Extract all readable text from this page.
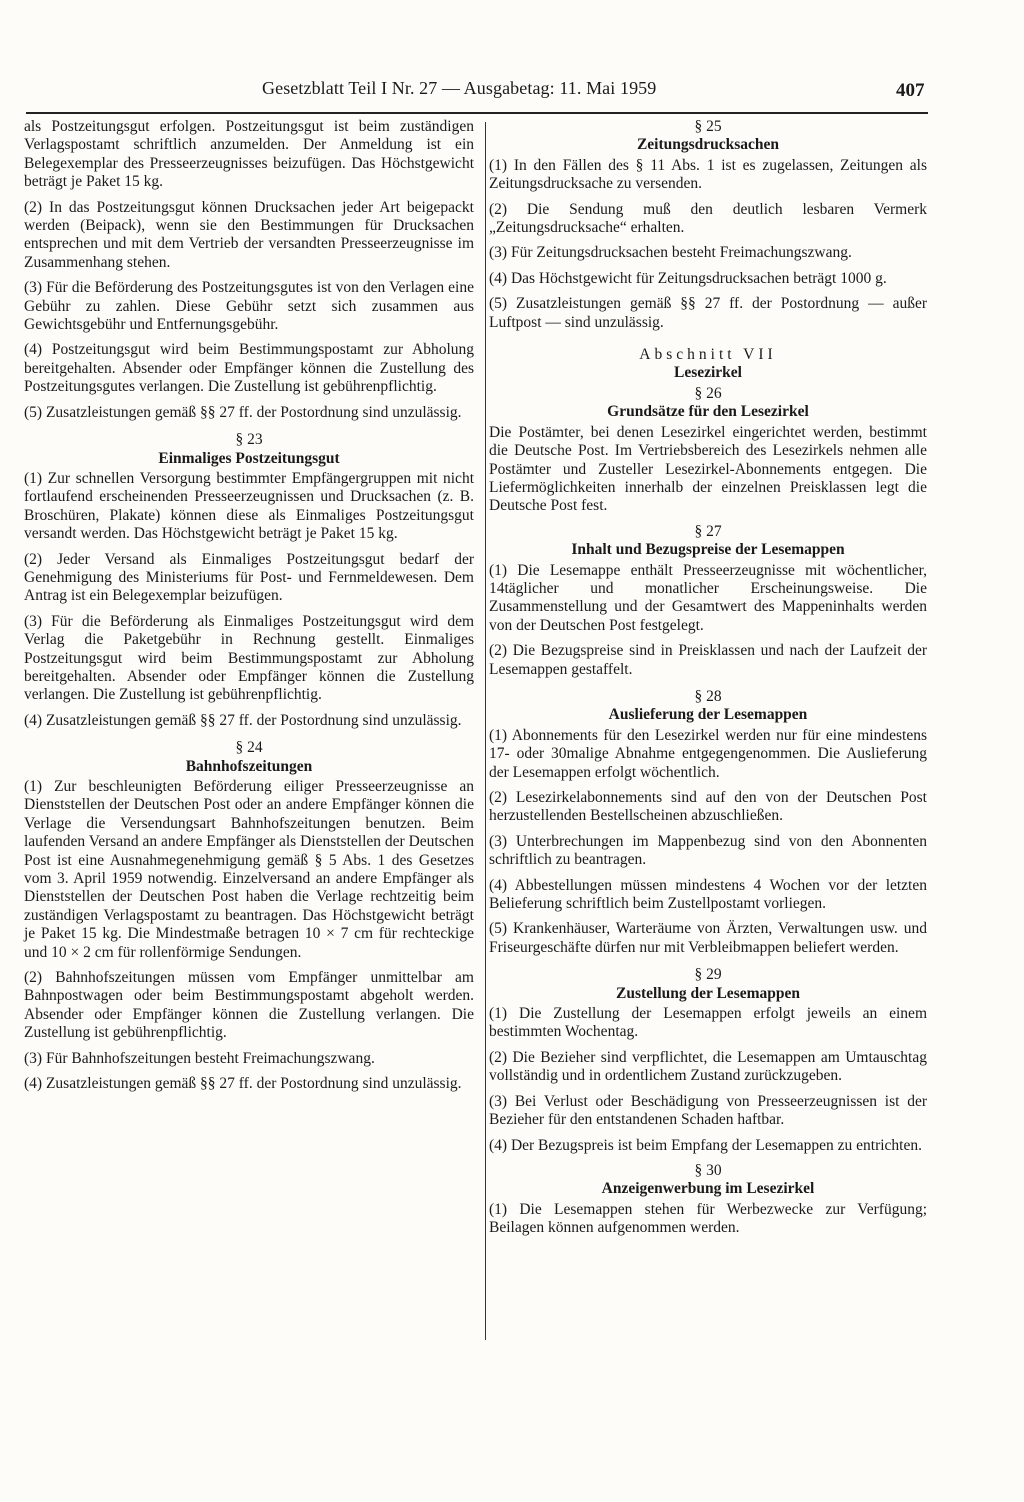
Gesetzblatt Teil I Nr. 27 — Ausgabetag: 11. Mai 1959	407

als Postzeitungsgut erfolgen. Postzeitungsgut ist beim zuständigen Verlagspostamt schriftlich anzumelden. Der Anmeldung ist ein Belegexemplar des Presseerzeugnisses beizufügen. Das Höchstgewicht beträgt je Paket 15 kg.

(2) In das Postzeitungsgut können Drucksachen jeder Art beigepackt werden (Beipack), wenn sie den Bestimmungen für Drucksachen entsprechen und mit dem Vertrieb der versandten Presseerzeugnisse im Zusammenhang stehen.

(3) Für die Beförderung des Postzeitungsgutes ist von den Verlagen eine Gebühr zu zahlen. Diese Gebühr setzt sich zusammen aus Gewichtsgebühr und Entfernungsgebühr.

(4) Postzeitungsgut wird beim Bestimmungspostamt zur Abholung bereitgehalten. Absender oder Empfänger können die Zustellung des Postzeitungsgutes verlangen. Die Zustellung ist gebührenpflichtig.

(5) Zusatzleistungen gemäß §§ 27 ff. der Postordnung sind unzulässig.

§ 23
Einmaliges Postzeitungsgut

(1) Zur schnellen Versorgung bestimmter Empfängergruppen mit nicht fortlaufend erscheinenden Presseerzeugnissen und Drucksachen (z. B. Broschüren, Plakate) können diese als Einmaliges Postzeitungsgut versandt werden. Das Höchstgewicht beträgt je Paket 15 kg.

(2) Jeder Versand als Einmaliges Postzeitungsgut bedarf der Genehmigung des Ministeriums für Post- und Fernmeldewesen. Dem Antrag ist ein Belegexemplar beizufügen.

(3) Für die Beförderung als Einmaliges Postzeitungsgut wird dem Verlag die Paketgebühr in Rechnung gestellt. Einmaliges Postzeitungsgut wird beim Bestimmungspostamt zur Abholung bereitgehalten. Absender oder Empfänger können die Zustellung verlangen. Die Zustellung ist gebührenpflichtig.

(4) Zusatzleistungen gemäß §§ 27 ff. der Postordnung sind unzulässig.

§ 24
Bahnhofszeitungen

(1) Zur beschleunigten Beförderung eiliger Presseerzeugnisse an Dienststellen der Deutschen Post oder an andere Empfänger können die Verlage die Versendungsart Bahnhofszeitungen benutzen. Beim laufenden Versand an andere Empfänger als Dienststellen der Deutschen Post ist eine Ausnahmegenehmigung gemäß § 5 Abs. 1 des Gesetzes vom 3. April 1959 notwendig. Einzelversand an andere Empfänger als Dienststellen der Deutschen Post haben die Verlage rechtzeitig beim zuständigen Verlagspostamt zu beantragen. Das Höchstgewicht beträgt je Paket 15 kg. Die Mindestmaße betragen 10 × 7 cm für rechteckige und 10 × 2 cm für rollenförmige Sendungen.

(2) Bahnhofszeitungen müssen vom Empfänger unmittelbar am Bahnpostwagen oder beim Bestimmungspostamt abgeholt werden. Absender oder Empfänger können die Zustellung verlangen. Die Zustellung ist gebührenpflichtig.

(3) Für Bahnhofszeitungen besteht Freimachungszwang.

(4) Zusatzleistungen gemäß §§ 27 ff. der Postordnung sind unzulässig.

§ 25
Zeitungsdrucksachen

(1) In den Fällen des § 11 Abs. 1 ist es zugelassen, Zeitungen als Zeitungsdrucksache zu versenden.

(2) Die Sendung muß den deutlich lesbaren Vermerk „Zeitungsdrucksache“ erhalten.

(3) Für Zeitungsdrucksachen besteht Freimachungszwang.

(4) Das Höchstgewicht für Zeitungsdrucksachen beträgt 1000 g.

(5) Zusatzleistungen gemäß §§ 27 ff. der Postordnung — außer Luftpost — sind unzulässig.

Abschnitt VII
Lesezirkel
§ 26
Grundsätze für den Lesezirkel

Die Postämter, bei denen Lesezirkel eingerichtet werden, bestimmt die Deutsche Post. Im Vertriebsbereich des Lesezirkels nehmen alle Postämter und Zusteller Lesezirkel-Abonnements entgegen. Die Liefermöglichkeiten innerhalb der einzelnen Preisklassen legt die Deutsche Post fest.

§ 27
Inhalt und Bezugspreise der Lesemappen

(1) Die Lesemappe enthält Presseerzeugnisse mit wöchentlicher, 14täglicher und monatlicher Erscheinungsweise. Die Zusammenstellung und der Gesamtwert des Mappeninhalts werden von der Deutschen Post festgelegt.

(2) Die Bezugspreise sind in Preisklassen und nach der Laufzeit der Lesemappen gestaffelt.

§ 28
Auslieferung der Lesemappen

(1) Abonnements für den Lesezirkel werden nur für eine mindestens 17- oder 30malige Abnahme entgegengenommen. Die Auslieferung der Lesemappen erfolgt wöchentlich.

(2) Lesezirkelabonnements sind auf den von der Deutschen Post herzustellenden Bestellscheinen abzuschließen.

(3) Unterbrechungen im Mappenbezug sind von den Abonnenten schriftlich zu beantragen.

(4) Abbestellungen müssen mindestens 4 Wochen vor der letzten Belieferung schriftlich beim Zustellpostamt vorliegen.

(5) Krankenhäuser, Warteräume von Ärzten, Verwaltungen usw. und Friseurgeschäfte dürfen nur mit Verbleibmappen beliefert werden.

§ 29
Zustellung der Lesemappen

(1) Die Zustellung der Lesemappen erfolgt jeweils an einem bestimmten Wochentag.

(2) Die Bezieher sind verpflichtet, die Lesemappen am Umtauschtag vollständig und in ordentlichem Zustand zurückzugeben.

(3) Bei Verlust oder Beschädigung von Presseerzeugnissen ist der Bezieher für den entstandenen Schaden haftbar.

(4) Der Bezugspreis ist beim Empfang der Lesemappen zu entrichten.

§ 30
Anzeigenwerbung im Lesezirkel

(1) Die Lesemappen stehen für Werbezwecke zur Verfügung; Beilagen können aufgenommen werden.
